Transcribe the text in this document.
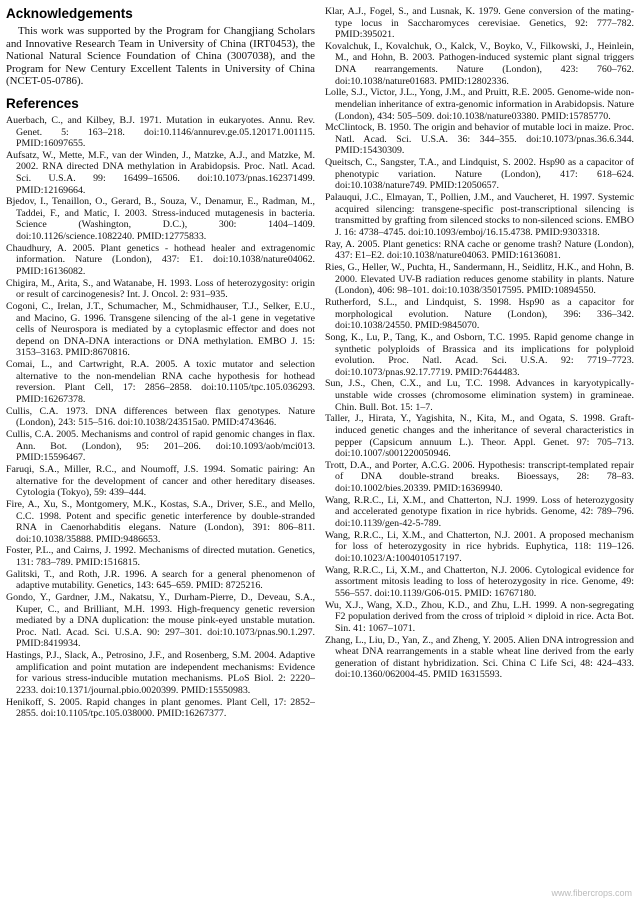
Acknowledgements

This work was supported by the Program for Changjiang Scholars and Innovative Research Team in University of China (IRT0453), the National Natural Science Foundation of China (3007038), and the Program for New Century Excellent Talents in University of China (NCET-05-0786).

References

Auerbach, C., and Kilbey, B.J. 1971. Mutation in eukaryotes. Annu. Rev. Genet. 5: 163–218. doi:10.1146/annurev.ge.05.120171.001115. PMID:16097655.

Aufsatz, W., Mette, M.F., van der Winden, J., Matzke, A.J., and Matzke, M. 2002. RNA directed DNA methylation in Arabidopsis. Proc. Natl. Acad. Sci. U.S.A. 99: 16499–16506. doi:10.1073/pnas.162371499. PMID:12169664.

Bjedov, I., Tenaillon, O., Gerard, B., Souza, V., Denamur, E., Radman, M., Taddei, F., and Matic, I. 2003. Stress-induced mutagenesis in bacteria. Science (Washington, D.C.), 300: 1404–1409. doi:10.1126/science.1082240. PMID:12775833.

Chaudhury, A. 2005. Plant genetics - hothead healer and extragenomic information. Nature (London), 437: E1. doi:10.1038/nature04062. PMID:16136082.

Chigira, M., Arita, S., and Watanabe, H. 1993. Loss of heterozygosity: origin or result of carcinogenesis? Int. J. Oncol. 2: 931–935.

Cogoni, C., Irelan, J.T., Schumacher, M., Schmidhauser, T.J., Selker, E.U., and Macino, G. 1996. Transgene silencing of the al-1 gene in vegetative cells of Neurospora is mediated by a cytoplasmic effector and does not depend on DNA-DNA interactions or DNA methylation. EMBO J. 15: 3153–3163. PMID:8670816.

Comai, L., and Cartwright, R.A. 2005. A toxic mutator and selection alternative to the non-mendelian RNA cache hypothesis for hothead reversion. Plant Cell, 17: 2856–2858. doi:10.1105/tpc.105.036293. PMID:16267378.

Cullis, C.A. 1973. DNA differences between flax genotypes. Nature (London), 243: 515–516. doi:10.1038/243515a0. PMID:4743646.

Cullis, C.A. 2005. Mechanisms and control of rapid genomic changes in flax. Ann. Bot. (London), 95: 201–206. doi:10.1093/aob/mci013. PMID:15596467.

Faruqi, S.A., Miller, R.C., and Noumoff, J.S. 1994. Somatic pairing: An alternative for the development of cancer and other hereditary diseases. Cytologia (Tokyo), 59: 439–444.

Fire, A., Xu, S., Montgomery, M.K., Kostas, S.A., Driver, S.E., and Mello, C.C. 1998. Potent and specific genetic interference by double-stranded RNA in Caenorhabditis elegans. Nature (London), 391: 806–811. doi:10.1038/35888. PMID:9486653.

Foster, P.L., and Cairns, J. 1992. Mechanisms of directed mutation. Genetics, 131: 783–789. PMID:1516815.

Galitski, T., and Roth, J.R. 1996. A search for a general phenomenon of adaptive mutability. Genetics, 143: 645–659. PMID: 8725216.

Gondo, Y., Gardner, J.M., Nakatsu, Y., Durham-Pierre, D., Deveau, S.A., Kuper, C., and Brilliant, M.H. 1993. High-frequency genetic reversion mediated by a DNA duplication: the mouse pink-eyed unstable mutation. Proc. Natl. Acad. Sci. U.S.A. 90: 297–301. doi:10.1073/pnas.90.1.297. PMID:8419934.

Hastings, P.J., Slack, A., Petrosino, J.F., and Rosenberg, S.M. 2004. Adaptive amplification and point mutation are independent mechanisms: Evidence for various stress-inducible mutation mechanisms. PLoS Biol. 2: 2220–2233. doi:10.1371/journal.pbio.0020399. PMID:15550983.

Henikoff, S. 2005. Rapid changes in plant genomes. Plant Cell, 17: 2852–2855. doi:10.1105/tpc.105.038000. PMID:16267377.

Klar, A.J., Fogel, S., and Lusnak, K. 1979. Gene conversion of the mating-type locus in Saccharomyces cerevisiae. Genetics, 92: 777–782. PMID:395021.

Kovalchuk, I., Kovalchuk, O., Kalck, V., Boyko, V., Filkowski, J., Heinlein, M., and Hohn, B. 2003. Pathogen-induced systemic plant signal triggers DNA rearrangements. Nature (London), 423: 760–762. doi:10.1038/nature01683. PMID:12802336.

Lolle, S.J., Victor, J.L., Yong, J.M., and Pruitt, R.E. 2005. Genome-wide non-mendelian inheritance of extra-genomic information in Arabidopsis. Nature (London), 434: 505–509. doi:10.1038/nature03380. PMID:15785770.

McClintock, B. 1950. The origin and behavior of mutable loci in maize. Proc. Natl. Acad. Sci. U.S.A. 36: 344–355. doi:10.1073/pnas.36.6.344. PMID:15430309.

Queitsch, C., Sangster, T.A., and Lindquist, S. 2002. Hsp90 as a capacitor of phenotypic variation. Nature (London), 417: 618–624. doi:10.1038/nature749. PMID:12050657.

Palauqui, J.C., Elmayan, T., Pollien, J.M., and Vaucheret, H. 1997. Systemic acquired silencing: transgene-specific post-transcriptional silencing is transmitted by grafting from silenced stocks to non-silenced scions. EMBO J. 16: 4738–4745. doi:10.1093/emboj/16.15.4738. PMID:9303318.

Ray, A. 2005. Plant genetics: RNA cache or genome trash? Nature (London), 437: E1–E2. doi:10.1038/nature04063. PMID:16136081.

Ries, G., Heller, W., Puchta, H., Sandermann, H., Seidlitz, H.K., and Hohn, B. 2000. Elevated UV-B radiation reduces genome stability in plants. Nature (London), 406: 98–101. doi:10.1038/35017595. PMID:10894550.

Rutherford, S.L., and Lindquist, S. 1998. Hsp90 as a capacitor for morphological evolution. Nature (London), 396: 336–342. doi:10.1038/24550. PMID:9845070.

Song, K., Lu, P., Tang, K., and Osborn, T.C. 1995. Rapid genome change in synthetic polyploids of Brassica and its implications for polyploid evolution. Proc. Natl. Acad. Sci. U.S.A. 92: 7719–7723. doi:10.1073/pnas.92.17.7719. PMID:7644483.

Sun, J.S., Chen, C.X., and Lu, T.C. 1998. Advances in karyotypically-unstable wide crosses (chromosome elimination system) in gramineae. Chin. Bull. Bot. 15: 1–7.

Taller, J., Hirata, Y., Yagishita, N., Kita, M., and Ogata, S. 1998. Graft-induced genetic changes and the inheritance of several characteristics in pepper (Capsicum annuum L.). Theor. Appl. Genet. 97: 705–713. doi:10.1007/s001220050946.

Trott, D.A., and Porter, A.C.G. 2006. Hypothesis: transcript-templated repair of DNA double-strand breaks. Bioessays, 28: 78–83. doi:10.1002/bies.20339. PMID:16369940.

Wang, R.R.C., Li, X.M., and Chatterton, N.J. 1999. Loss of heterozygosity and accelerated genotype fixation in rice hybrids. Genome, 42: 789–796. doi:10.1139/gen-42-5-789.

Wang, R.R.C., Li, X.M., and Chatterton, N.J. 2001. A proposed mechanism for loss of heterozygosity in rice hybrids. Euphytica, 118: 119–126. doi:10.1023/A:1004010517197.

Wang, R.R.C., Li, X.M., and Chatterton, N.J. 2006. Cytological evidence for assortment mitosis leading to loss of heterozygosity in rice. Genome, 49: 556–557. doi:10.1139/G06-015. PMID: 16767180.

Wu, X.J., Wang, X.D., Zhou, K.D., and Zhu, L.H. 1999. A non-segregating F2 population derived from the cross of triploid × diploid in rice. Acta Bot. Sin. 41: 1067–1071.

Zhang, L., Liu, D., Yan, Z., and Zheng, Y. 2005. Alien DNA introgression and wheat DNA rearrangements in a stable wheat line derived from the early generation of distant hybridization. Sci. China C Life Sci, 48: 424–433. doi:10.1360/062004-45. PMID 16315593.

www.fibercrops.com
